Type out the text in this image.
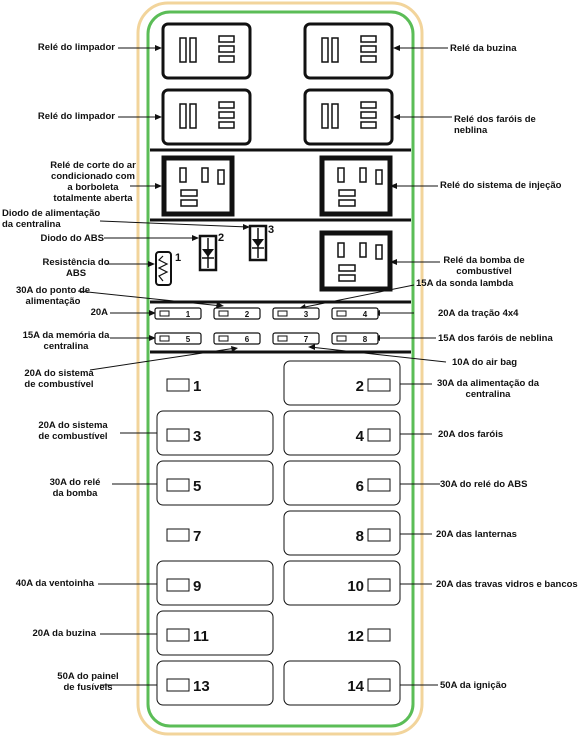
2
3
1
1	2	3	4
5	6	7	8
1	2
3	4
5	6
7	8
9	10
11	12
13	14
Relé do limpador
Relé do limpador
Relé da buzina
Relé dos faróis de
neblina
Relé de corte do ar
condicionado com
a borboleta
totalmente aberta
Relé do sistema de injeção
Diodo de alimentação
da centralina
Diodo do ABS
Resistência do
ABS
Relé da bomba de
combustível
30A do ponto de
alimentação
15A da sonda lambda
20A	20A da tração 4x4
15A da memória da
centralina
15A dos faróis de neblina
20A do sistema
de combustível
10A do air bag
30A da alimentação da
centralina
20A do sistema
de combustível	20A dos faróis
30A do relé
da bomba
30A do relé do ABS
20A das lanternas
40A da ventoinha	20A das travas vidros e bancos
20A da buzina
50A do painel
de fusíveis	50A da ignição
